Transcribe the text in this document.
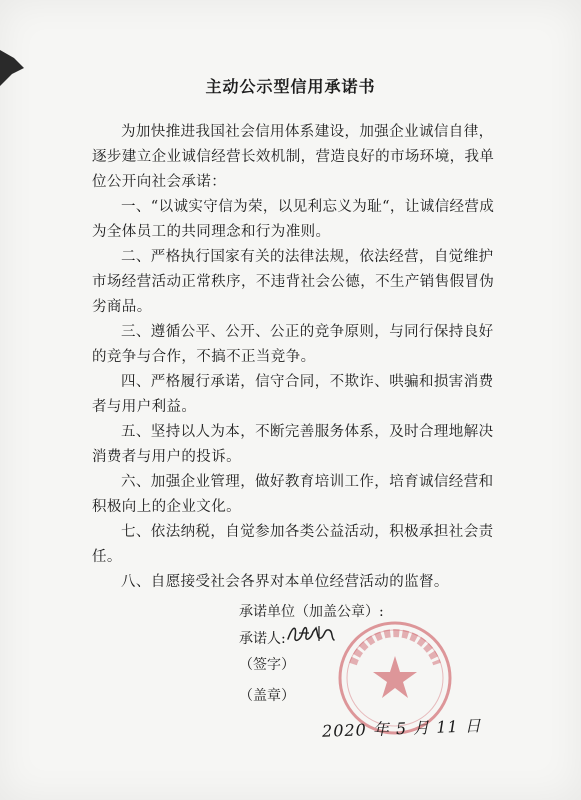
主动公示型信用承诺书

为加快推进我国社会信用体系建设，加强企业诚信自律，逐步建立企业诚信经营长效机制，营造良好的市场环境，我单位公开向社会承诺：

一、“以诚实守信为荣，以见利忘义为耻“，让诚信经营成为全体员工的共同理念和行为准则。

二、严格执行国家有关的法律法规，依法经营，自觉维护市场经营活动正常秩序，不违背社会公德，不生产销售假冒伪劣商品。

三、遵循公平、公开、公正的竞争原则，与同行保持良好的竞争与合作，不搞不正当竞争。

四、严格履行承诺，信守合同，不欺诈、哄骗和损害消费者与用户利益。

五、坚持以人为本，不断完善服务体系，及时合理地解决消费者与用户的投诉。

六、加强企业管理，做好教育培训工作，培育诚信经营和积极向上的企业文化。

七、依法纳税，自觉参加各类公益活动，积极承担社会责任。

八、自愿接受社会各界对本单位经营活动的监督。

承诺单位（加盖公章）:
承诺人:
（签字）
（盖章）
2020 年 5 月 11 日
